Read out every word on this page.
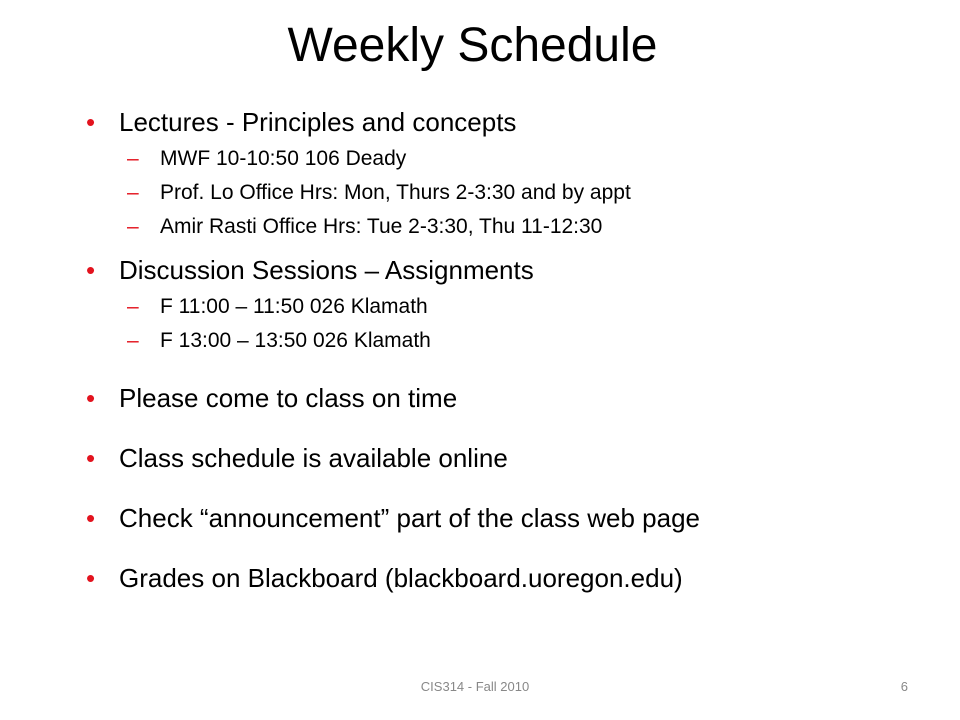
Weekly Schedule
• Lectures - Principles and concepts
– MWF 10-10:50 106 Deady
– Prof. Lo Office Hrs: Mon, Thurs 2-3:30 and by appt
– Amir Rasti Office Hrs: Tue 2-3:30, Thu 11-12:30
• Discussion Sessions – Assignments
– F 11:00 – 11:50 026 Klamath
– F 13:00 – 13:50 026 Klamath
• Please come to class on time
• Class schedule is available online
• Check “announcement” part of the class web page
• Grades on Blackboard (blackboard.uoregon.edu)
CIS314 - Fall 2010	6
